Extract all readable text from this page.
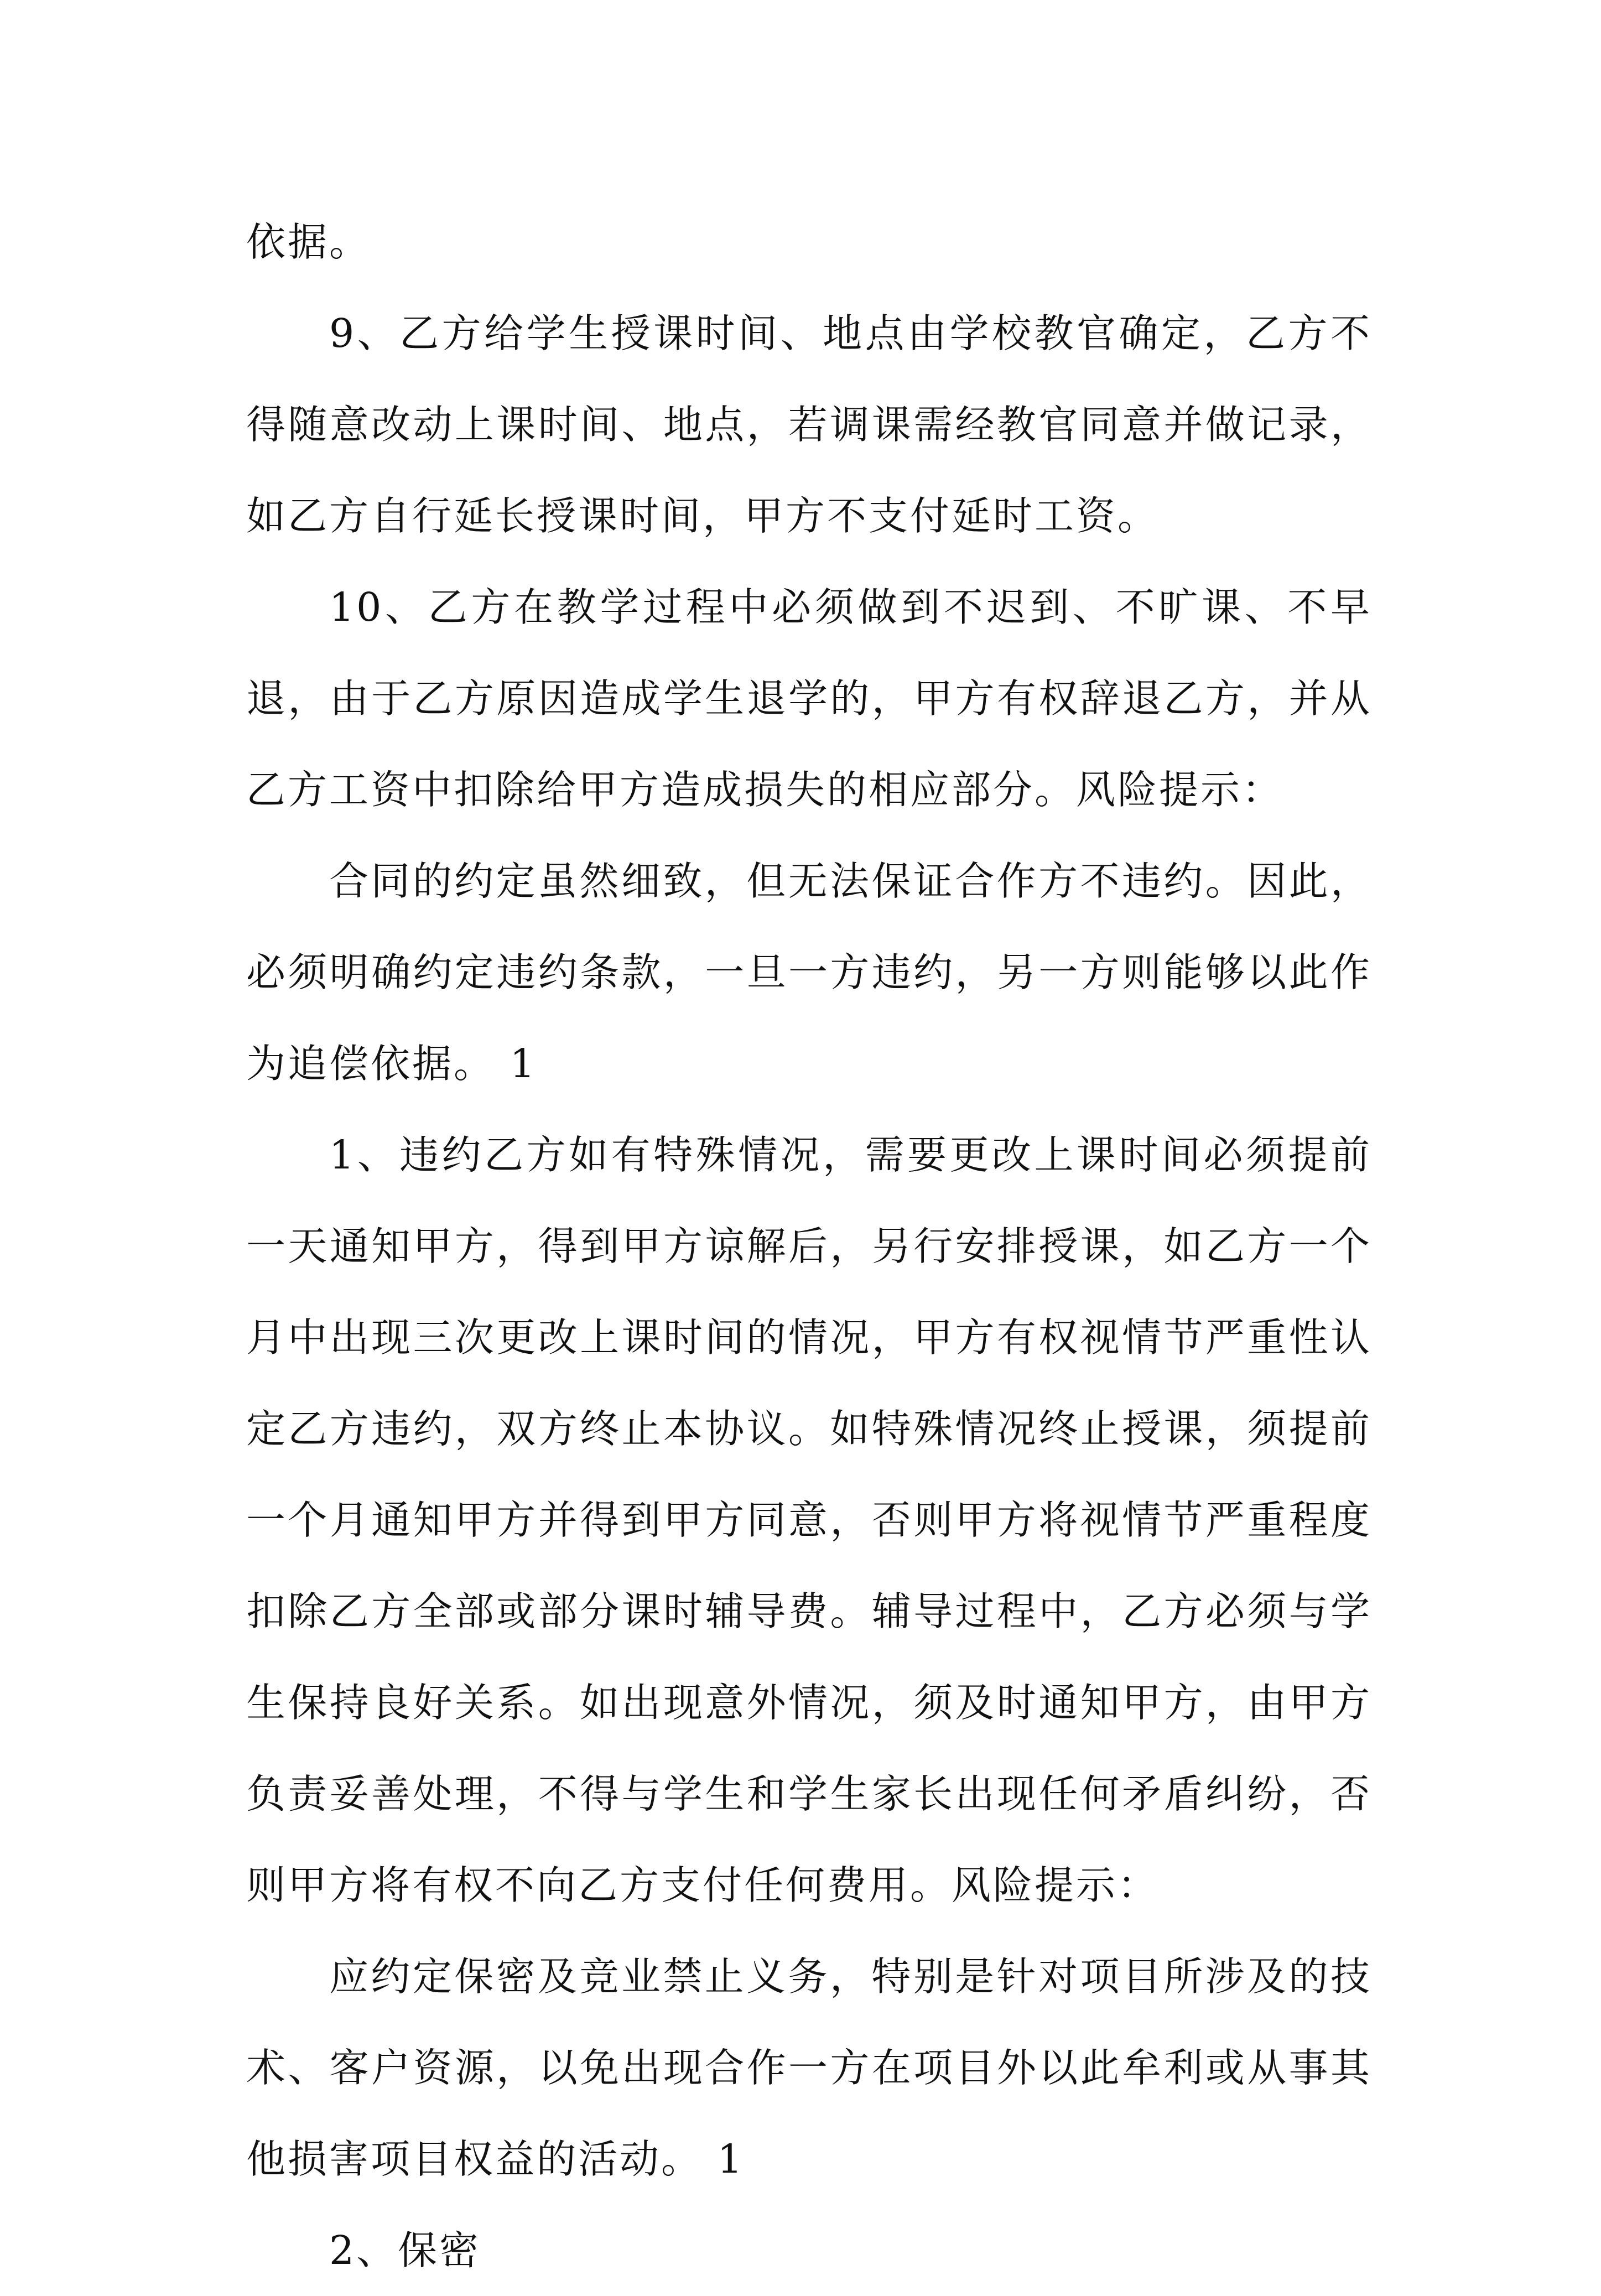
依据。

9、乙方给学生授课时间、地点由学校教官确定，乙方不得随意改动上课时间、地点，若调课需经教官同意并做记录，如乙方自行延长授课时间，甲方不支付延时工资。

10、乙方在教学过程中必须做到不迟到、不旷课、不早退，由于乙方原因造成学生退学的，甲方有权辞退乙方，并从乙方工资中扣除给甲方造成损失的相应部分。风险提示：

合同的约定虽然细致，但无法保证合作方不违约。因此，必须明确约定违约条款，一旦一方违约，另一方则能够以此作为追偿依据。 1

1、违约乙方如有特殊情况，需要更改上课时间必须提前一天通知甲方，得到甲方谅解后，另行安排授课，如乙方一个月中出现三次更改上课时间的情况，甲方有权视情节严重性认定乙方违约，双方终止本协议。如特殊情况终止授课，须提前一个月通知甲方并得到甲方同意，否则甲方将视情节严重程度扣除乙方全部或部分课时辅导费。辅导过程中，乙方必须与学生保持良好关系。如出现意外情况，须及时通知甲方，由甲方负责妥善处理，不得与学生和学生家长出现任何矛盾纠纷，否则甲方将有权不向乙方支付任何费用。风险提示：

应约定保密及竞业禁止义务，特别是针对项目所涉及的技术、客户资源，以免出现合作一方在项目外以此牟利或从事其他损害项目权益的活动。 1

2、保密
